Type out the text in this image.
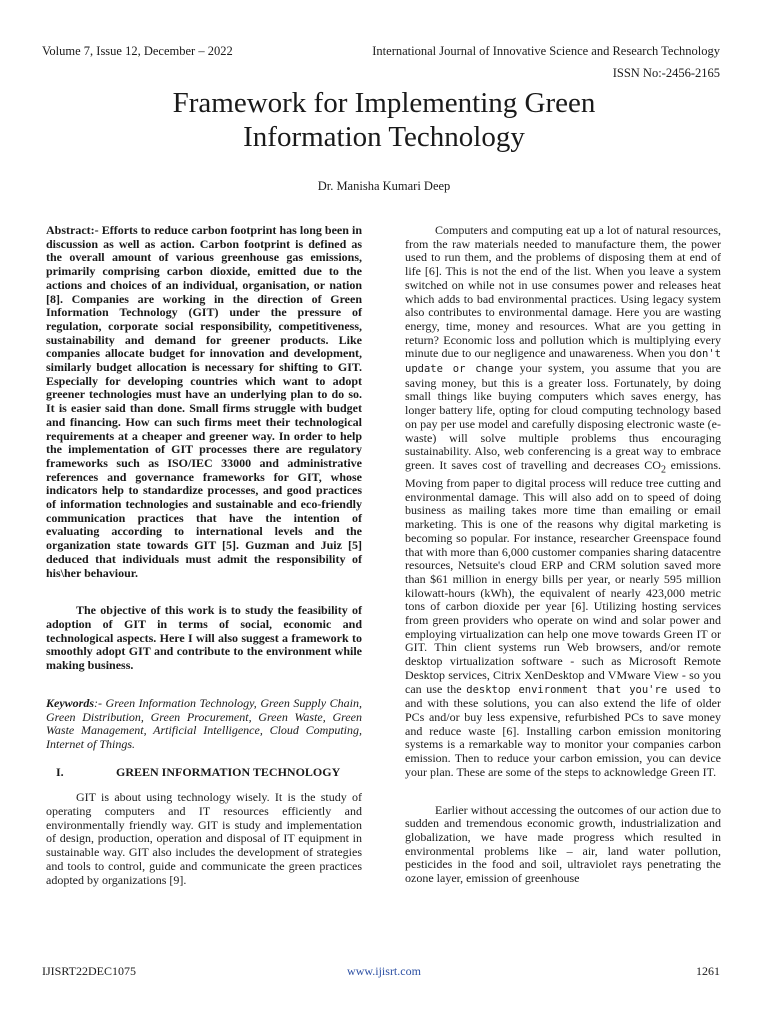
Volume 7, Issue 12, December – 2022	International Journal of Innovative Science and Research Technology
ISSN No:-2456-2165
Framework for Implementing Green
Information Technology
Dr. Manisha Kumari Deep

Abstract:- Efforts to reduce carbon footprint has long been in discussion as well as action. Carbon footprint is defined as the overall amount of various greenhouse gas emissions, primarily comprising carbon dioxide, emitted due to the actions and choices of an individual, organisation, or nation [8]. Companies are working in the direction of Green Information Technology (GIT) under the pressure of regulation, corporate social responsibility, competitiveness, sustainability and demand for greener products. Like companies allocate budget for innovation and development, similarly budget allocation is necessary for shifting to GIT. Especially for developing countries which want to adopt greener technologies must have an underlying plan to do so. It is easier said than done. Small firms struggle with budget and financing. How can such firms meet their technological requirements at a cheaper and greener way. In order to help the implementation of GIT processes there are regulatory frameworks such as ISO/IEC 33000 and administrative references and governance frameworks for GIT, whose indicators help to standardize processes, and good practices of information technologies and sustainable and eco-friendly communication practices that have the intention of evaluating according to international levels and the organization state towards GIT [5]. Guzman and Juiz [5] deduced that individuals must admit the responsibility of his\her behaviour.

The objective of this work is to study the feasibility of adoption of GIT in terms of social, economic and technological aspects. Here I will also suggest a framework to smoothly adopt GIT and contribute to the environment while making business.

Keywords:- Green Information Technology, Green Supply Chain, Green Distribution, Green Procurement, Green Waste, Green Waste Management, Artificial Intelligence, Cloud Computing, Internet of Things.

I.	GREEN INFORMATION TECHNOLOGY

GIT is about using technology wisely. It is the study of operating computers and IT resources efficiently and environmentally friendly way. GIT is study and implementation of design, production, operation and disposal of IT equipment in sustainable way. GIT also includes the development of strategies and tools to control, guide and communicate the green practices adopted by organizations [9].

Computers and computing eat up a lot of natural resources, from the raw materials needed to manufacture them, the power used to run them, and the problems of disposing them at end of life [6]. This is not the end of the list. When you leave a system switched on while not in use consumes power and releases heat which adds to bad environmental practices. Using legacy system also contributes to environmental damage. Here you are wasting energy, time, money and resources. What are you getting in return? Economic loss and pollution which is multiplying every minute due to our negligence and unawareness. When you don't update or change your system, you assume that you are saving money, but this is a greater loss. Fortunately, by doing small things like buying computers which saves energy, has longer battery life, opting for cloud computing technology based on pay per use model and carefully disposing electronic waste (e-waste) will solve multiple problems thus encouraging sustainability. Also, web conferencing is a great way to embrace green. It saves cost of travelling and decreases $CO_2$ emissions. Moving from paper to digital process will reduce tree cutting and environmental damage. This will also add on to speed of doing business as mailing takes more time than emailing or email marketing. This is one of the reasons why digital marketing is becoming so popular. For instance, researcher Greenspace found that with more than 6,000 customer companies sharing datacentre resources, Netsuite's cloud ERP and CRM solution saved more than $61 million in energy bills per year, or nearly 595 million kilowatt-hours (kWh), the equivalent of nearly 423,000 metric tons of carbon dioxide per year [6]. Utilizing hosting services from green providers who operate on wind and solar power and employing virtualization can help one move towards Green IT or GIT. Thin client systems run Web browsers, and/or remote desktop virtualization software - such as Microsoft Remote Desktop services, Citrix XenDesktop and VMware View - so you can use the desktop environment that you're used to and with these solutions, you can also extend the life of older PCs and/or buy less expensive, refurbished PCs to save money and reduce waste [6]. Installing carbon emission monitoring systems is a remarkable way to monitor your companies carbon emission. Then to reduce your carbon emission, you can device your plan. These are some of the steps to acknowledge Green IT.

Earlier without accessing the outcomes of our action due to sudden and tremendous economic growth, industrialization and globalization, we have made progress which resulted in environmental problems like – air, land water pollution, pesticides in the food and soil, ultraviolet rays penetrating the ozone layer, emission of greenhouse

IJISRT22DEC1075	www.ijisrt.com	1261
